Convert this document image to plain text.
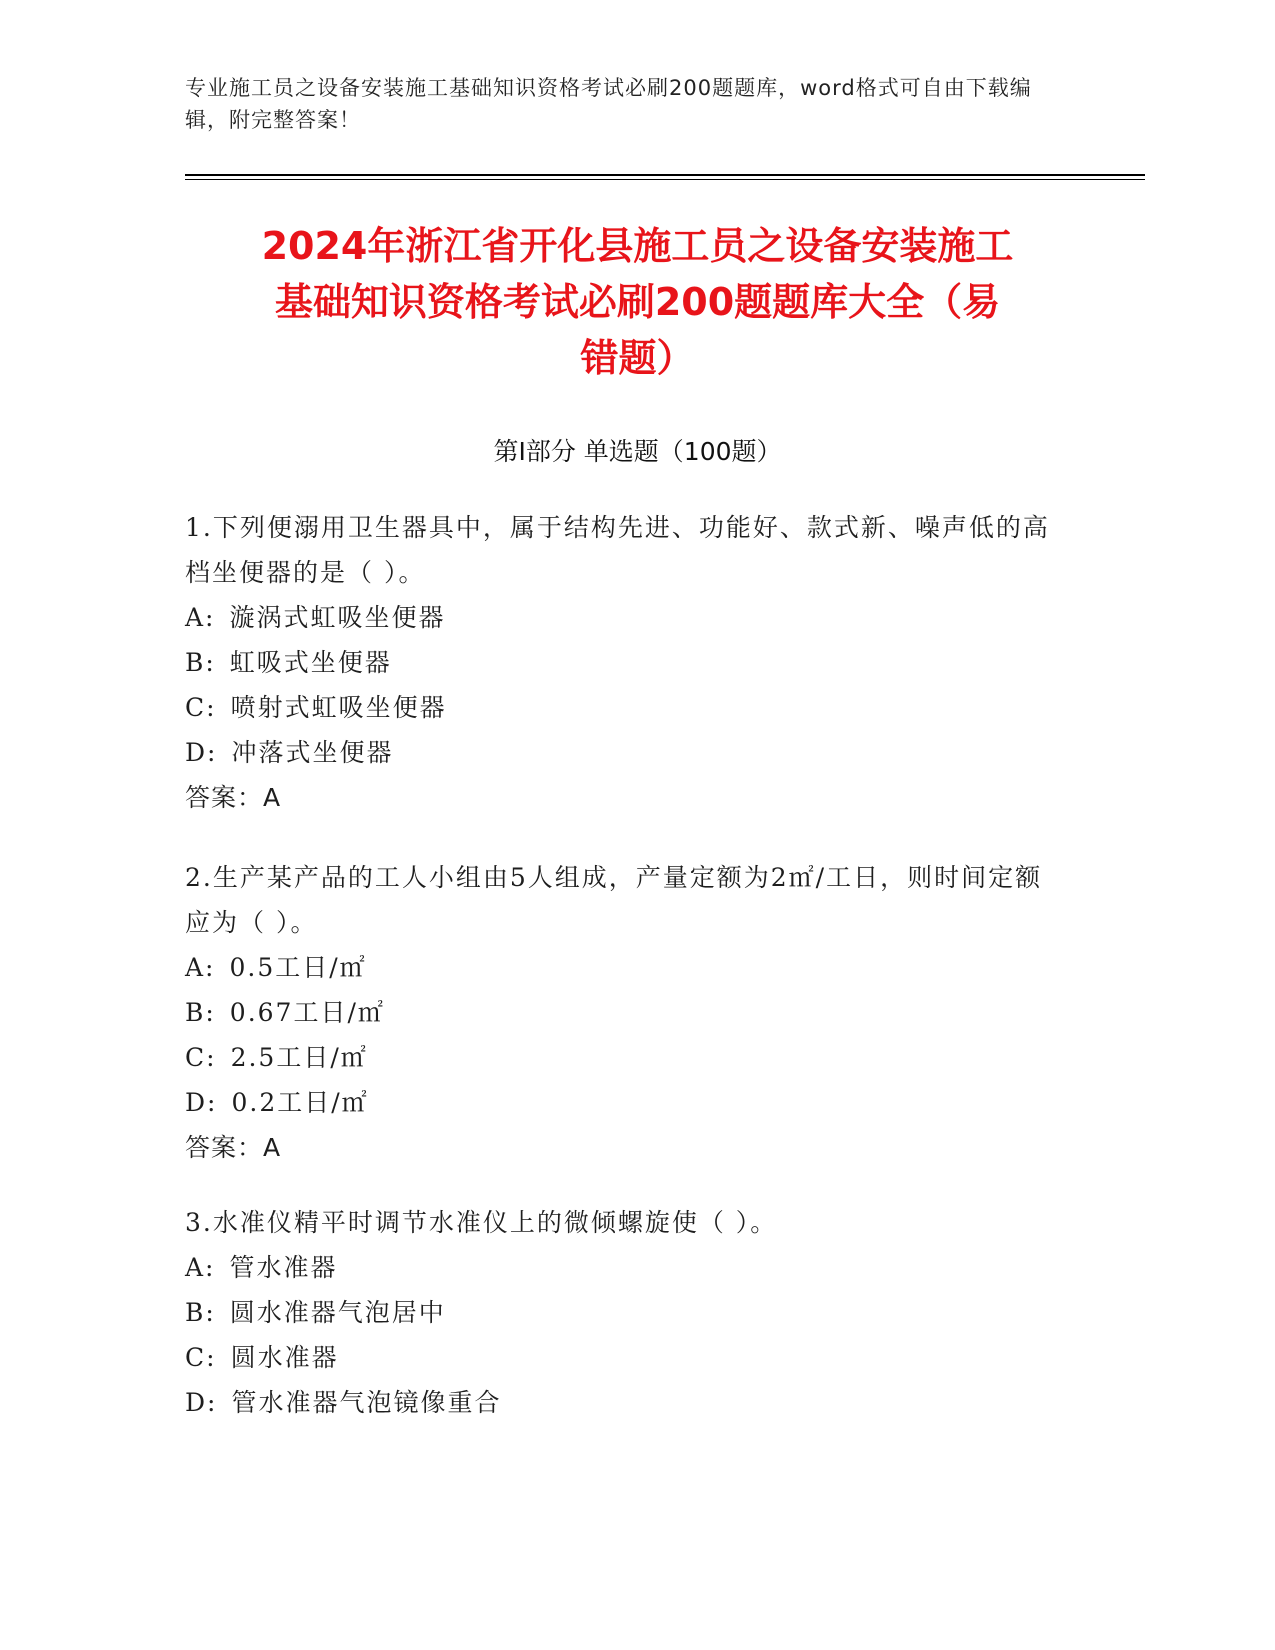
专业施工员之设备安装施工基础知识资格考试必刷200题题库，word格式可自由下载编辑，附完整答案！
2024年浙江省开化县施工员之设备安装施工
基础知识资格考试必刷200题题库大全（易
错题）
第I部分 单选题（100题）

1.下列便溺用卫生器具中，属于结构先进、功能好、款式新、噪声低的高档坐便器的是（ ）。

A: 漩涡式虹吸坐便器

B: 虹吸式坐便器

C: 喷射式虹吸坐便器

D: 冲落式坐便器

答案：A

2.生产某产品的工人小组由5人组成，产量定额为2㎡/工日，则时间定额应为（ ）。

A: 0.5工日/㎡

B: 0.67工日/㎡

C: 2.5工日/㎡

D: 0.2工日/㎡

答案：A

3.水准仪精平时调节水准仪上的微倾螺旋使（ ）。

A: 管水准器

B: 圆水准器气泡居中

C: 圆水准器

D: 管水准器气泡镜像重合
